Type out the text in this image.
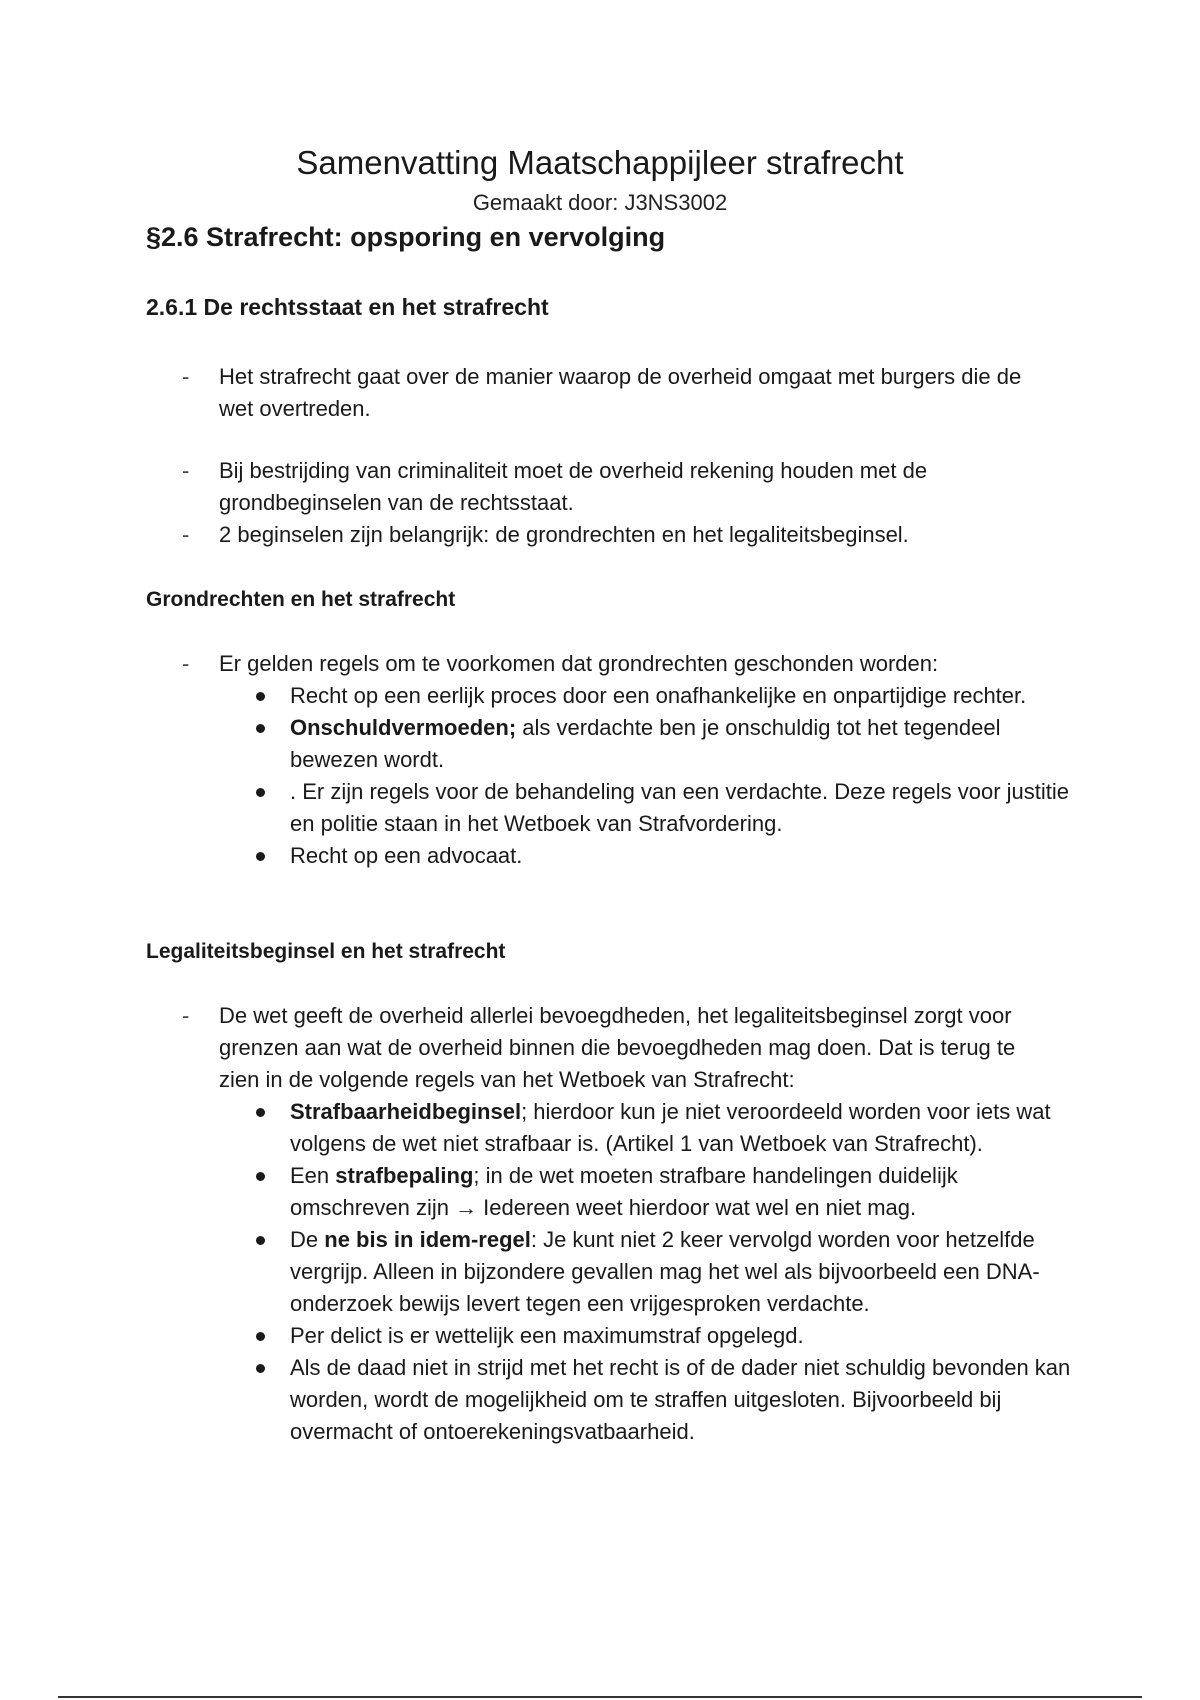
Samenvatting Maatschappijleer strafrecht
Gemaakt door: J3NS3002
§2.6 Strafrecht: opsporing en vervolging
2.6.1 De rechtsstaat en het strafrecht
- Het strafrecht gaat over de manier waarop de overheid omgaat met burgers die de wet overtreden.
- Bij bestrijding van criminaliteit moet de overheid rekening houden met de grondbeginselen van de rechtsstaat.
- 2 beginselen zijn belangrijk: de grondrechten en het legaliteitsbeginsel.
Grondrechten en het strafrecht
- Er gelden regels om te voorkomen dat grondrechten geschonden worden:
Recht op een eerlijk proces door een onafhankelijke en onpartijdige rechter.
Onschuldvermoeden; als verdachte ben je onschuldig tot het tegendeel bewezen wordt.
. Er zijn regels voor de behandeling van een verdachte. Deze regels voor justitie en politie staan in het Wetboek van Strafvordering.
Recht op een advocaat.
Legaliteitsbeginsel en het strafrecht
- De wet geeft de overheid allerlei bevoegdheden, het legaliteitsbeginsel zorgt voor grenzen aan wat de overheid binnen die bevoegdheden mag doen. Dat is terug te zien in de volgende regels van het Wetboek van Strafrecht:
Strafbaarheidbeginsel; hierdoor kun je niet veroordeeld worden voor iets wat volgens de wet niet strafbaar is. (Artikel 1 van Wetboek van Strafrecht).
Een strafbepaling; in de wet moeten strafbare handelingen duidelijk omschreven zijn → Iedereen weet hierdoor wat wel en niet mag.
De ne bis in idem-regel: Je kunt niet 2 keer vervolgd worden voor hetzelfde vergrijp. Alleen in bijzondere gevallen mag het wel als bijvoorbeeld een DNA-onderzoek bewijs levert tegen een vrijgesproken verdachte.
Per delict is er wettelijk een maximumstraf opgelegd.
Als de daad niet in strijd met het recht is of de dader niet schuldig bevonden kan worden, wordt de mogelijkheid om te straffen uitgesloten. Bijvoorbeeld bij overmacht of ontoerekeningsvatbaarheid.
